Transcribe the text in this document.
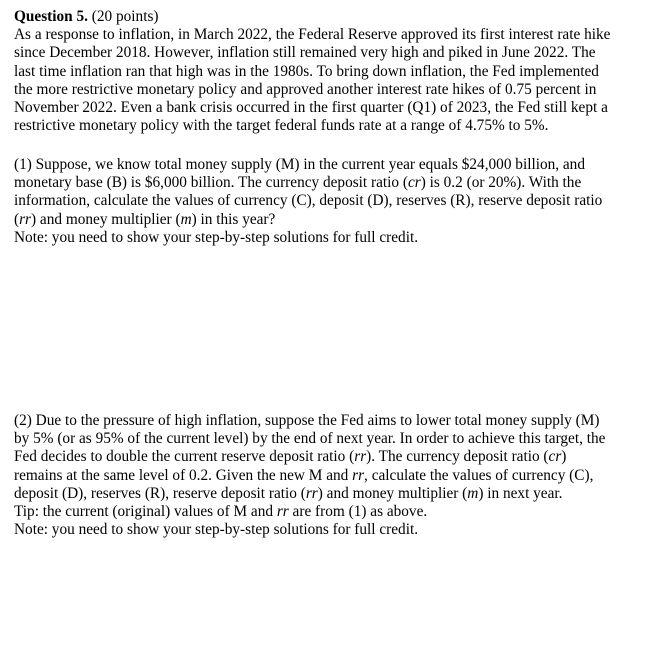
Question 5. (20 points)
As a response to inflation, in March 2022, the Federal Reserve approved its first interest rate hike
since December 2018. However, inflation still remained very high and piked in June 2022. The
last time inflation ran that high was in the 1980s. To bring down inflation, the Fed implemented
the more restrictive monetary policy and approved another interest rate hikes of 0.75 percent in
November 2022. Even a bank crisis occurred in the first quarter (Q1) of 2023, the Fed still kept a
restrictive monetary policy with the target federal funds rate at a range of 4.75% to 5%.
(1) Suppose, we know total money supply (M) in the current year equals $24,000 billion, and
monetary base (B) is $6,000 billion. The currency deposit ratio (cr) is 0.2 (or 20%). With the
information, calculate the values of currency (C), deposit (D), reserves (R), reserve deposit ratio
(rr) and money multiplier (m) in this year?
Note: you need to show your step-by-step solutions for full credit.
(2) Due to the pressure of high inflation, suppose the Fed aims to lower total money supply (M)
by 5% (or as 95% of the current level) by the end of next year. In order to achieve this target, the
Fed decides to double the current reserve deposit ratio (rr). The currency deposit ratio (cr)
remains at the same level of 0.2. Given the new M and rr, calculate the values of currency (C),
deposit (D), reserves (R), reserve deposit ratio (rr) and money multiplier (m) in next year.
Tip: the current (original) values of M and rr are from (1) as above.
Note: you need to show your step-by-step solutions for full credit.
